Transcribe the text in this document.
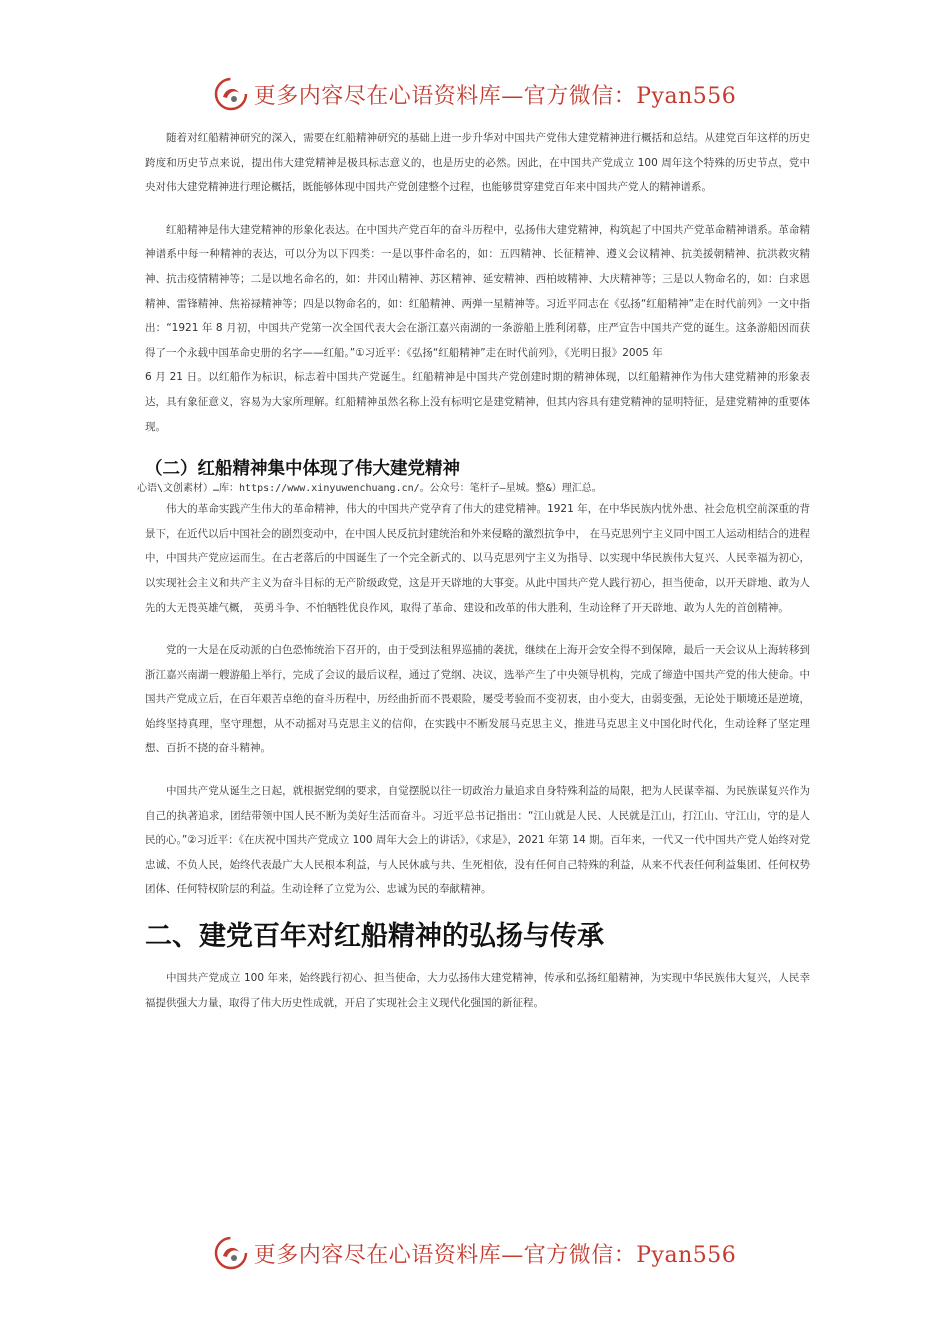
更多内容尽在心语资料库—官方微信：Pyan556

随着对红船精神研究的深入，需要在红船精神研究的基础上进一步升华对中国共产党伟大建党精神进行概括和总结。从建党百年这样的历史跨度和历史节点来说，提出伟大建党精神是极具标志意义的，也是历史的必然。因此，在中国共产党成立 100 周年这个特殊的历史节点，党中央对伟大建党精神进行理论概括，既能够体现中国共产党创建整个过程，也能够贯穿建党百年来中国共产党人的精神谱系。

红船精神是伟大建党精神的形象化表达。在中国共产党百年的奋斗历程中，弘扬伟大建党精神，构筑起了中国共产党革命精神谱系。革命精神谱系中每一种精神的表达，可以分为以下四类：一是以事件命名的，如：五四精神、长征精神、遵义会议精神、抗美援朝精神、抗洪救灾精神、抗击疫情精神等；二是以地名命名的，如：井冈山精神、苏区精神、延安精神、西柏坡精神、大庆精神等；三是以人物命名的，如：白求恩精神、雷锋精神、焦裕禄精神等；四是以物命名的，如：红船精神、两弹一星精神等。习近平同志在《弘扬“红船精神”走在时代前列》一文中指出：“1921 年 8 月初，中国共产党第一次全国代表大会在浙江嘉兴南湖的一条游船上胜利闭幕，庄严宣告中国共产党的诞生。这条游船因而获得了一个永载中国革命史册的名字——红船。”①习近平：《弘扬“红船精神”走在时代前列》，《光明日报》2005 年

6 月 21 日。以红船作为标识，标志着中国共产党诞生。红船精神是中国共产党创建时期的精神体现，以红船精神作为伟大建党精神的形象表达，具有象征意义，容易为大家所理解。红船精神虽然名称上没有标明它是建党精神，但其内容具有建党精神的显明特征，是建党精神的重要体现。

（二）红船精神集中体现了伟大建党精神
心语\文创素材）…库：https://www.xinyuwenchuang.cn/。公众号：笔杆子—星城。整&）理汇总。

伟大的革命实践产生伟大的革命精神，伟大的中国共产党孕育了伟大的建党精神。1921 年，在中华民族内忧外患、社会危机空前深重的背景下，在近代以后中国社会的剧烈变动中，在中国人民反抗封建统治和外来侵略的激烈抗争中， 在马克思列宁主义同中国工人运动相结合的进程中，中国共产党应运而生。在古老落后的中国诞生了一个完全新式的、以马克思列宁主义为指导、以实现中华民族伟大复兴、人民幸福为初心，以实现社会主义和共产主义为奋斗目标的无产阶级政党，这是开天辟地的大事变。从此中国共产党人践行初心，担当使命，以开天辟地、敢为人先的大无畏英雄气概， 英勇斗争、不怕牺牲优良作风，取得了革命、建设和改革的伟大胜利，生动诠释了开天辟地、敢为人先的首创精神。

党的一大是在反动派的白色恐怖统治下召开的，由于受到法租界巡捕的袭扰，继续在上海开会安全得不到保障，最后一天会议从上海转移到浙江嘉兴南湖一艘游船上举行，完成了会议的最后议程，通过了党纲、决议，选举产生了中央领导机构，完成了缔造中国共产党的伟大使命。中国共产党成立后，在百年艰苦卓绝的奋斗历程中，历经曲折而不畏艰险，屡受考验而不变初衷，由小变大，由弱变强，无论处于顺境还是逆境，始终坚持真理，坚守理想，从不动摇对马克思主义的信仰，在实践中不断发展马克思主义，推进马克思主义中国化时代化，生动诠释了坚定理想、百折不挠的奋斗精神。

中国共产党从诞生之日起，就根据党纲的要求，自觉摆脱以往一切政治力量追求自身特殊利益的局限，把为人民谋幸福、为民族谋复兴作为自己的执著追求，团结带领中国人民不断为美好生活而奋斗。习近平总书记指出：“江山就是人民、人民就是江山，打江山、守江山，守的是人民的心。”②习近平：《在庆祝中国共产党成立 100 周年大会上的讲话》，《求是》，2021 年第 14 期。百年来，一代又一代中国共产党人始终对党忠诚、不负人民，始终代表最广大人民根本利益，与人民休戚与共、生死相依，没有任何自己特殊的利益，从来不代表任何利益集团、任何权势团体、任何特权阶层的利益。生动诠释了立党为公、忠诚为民的奉献精神。

二、建党百年对红船精神的弘扬与传承

中国共产党成立 100 年来，始终践行初心、担当使命，大力弘扬伟大建党精神，传承和弘扬红船精神，为实现中华民族伟大复兴，人民幸福提供强大力量，取得了伟大历史性成就，开启了实现社会主义现代化强国的新征程。

更多内容尽在心语资料库—官方微信：Pyan556
